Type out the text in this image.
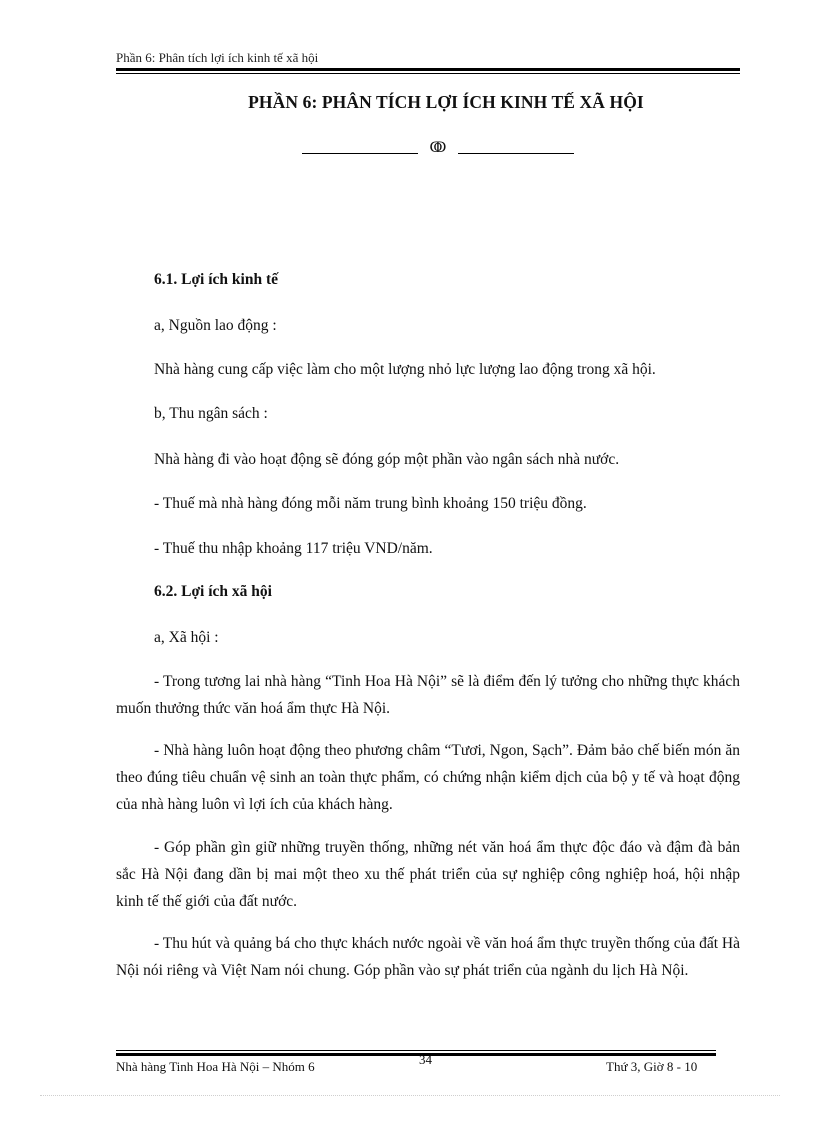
Phần 6: Phân tích lợi ích kinh tế xã hội
PHẦN 6: PHÂN TÍCH LỢI ÍCH KINH TẾ XÃ HỘI
ↂ

6.1. Lợi ích kinh tế

a, Nguồn lao động :

Nhà hàng cung cấp việc làm cho một lượng nhỏ lực lượng lao động trong xã hội.

b, Thu ngân sách :

Nhà hàng đi vào hoạt động sẽ đóng góp một phần vào ngân sách nhà nước.

- Thuế mà nhà hàng đóng mỗi năm trung bình khoảng 150 triệu đồng.

- Thuế thu nhập khoảng 117 triệu VND/năm.

6.2. Lợi ích xã hội

a, Xã hội :

- Trong tương lai nhà hàng “Tinh Hoa Hà Nội” sẽ là điểm đến lý tưởng cho những thực khách muốn thưởng thức văn hoá ẩm thực Hà Nội.

- Nhà hàng luôn hoạt động theo phương châm “Tươi, Ngon, Sạch”. Đảm bảo chế biến món ăn theo đúng tiêu chuẩn vệ sinh an toàn thực phẩm, có chứng nhận kiểm dịch của bộ y tế và hoạt động của nhà hàng luôn vì lợi ích của khách hàng.

- Góp phần gìn giữ những truyền thống, những nét văn hoá ẩm thực độc đáo và đậm đà bản sắc Hà Nội đang dần bị mai một theo xu thế phát triển của sự nghiệp công nghiệp hoá, hội nhập kinh tế thế giới của đất nước.

- Thu hút và quảng bá cho thực khách nước ngoài về văn hoá ẩm thực truyền thống của đất Hà Nội nói riêng và Việt Nam nói chung. Góp phần vào sự phát triển của ngành du lịch Hà Nội.

Nhà hàng Tinh Hoa Hà Nội – Nhóm 6	34	Thứ 3, Giờ 8 - 10
